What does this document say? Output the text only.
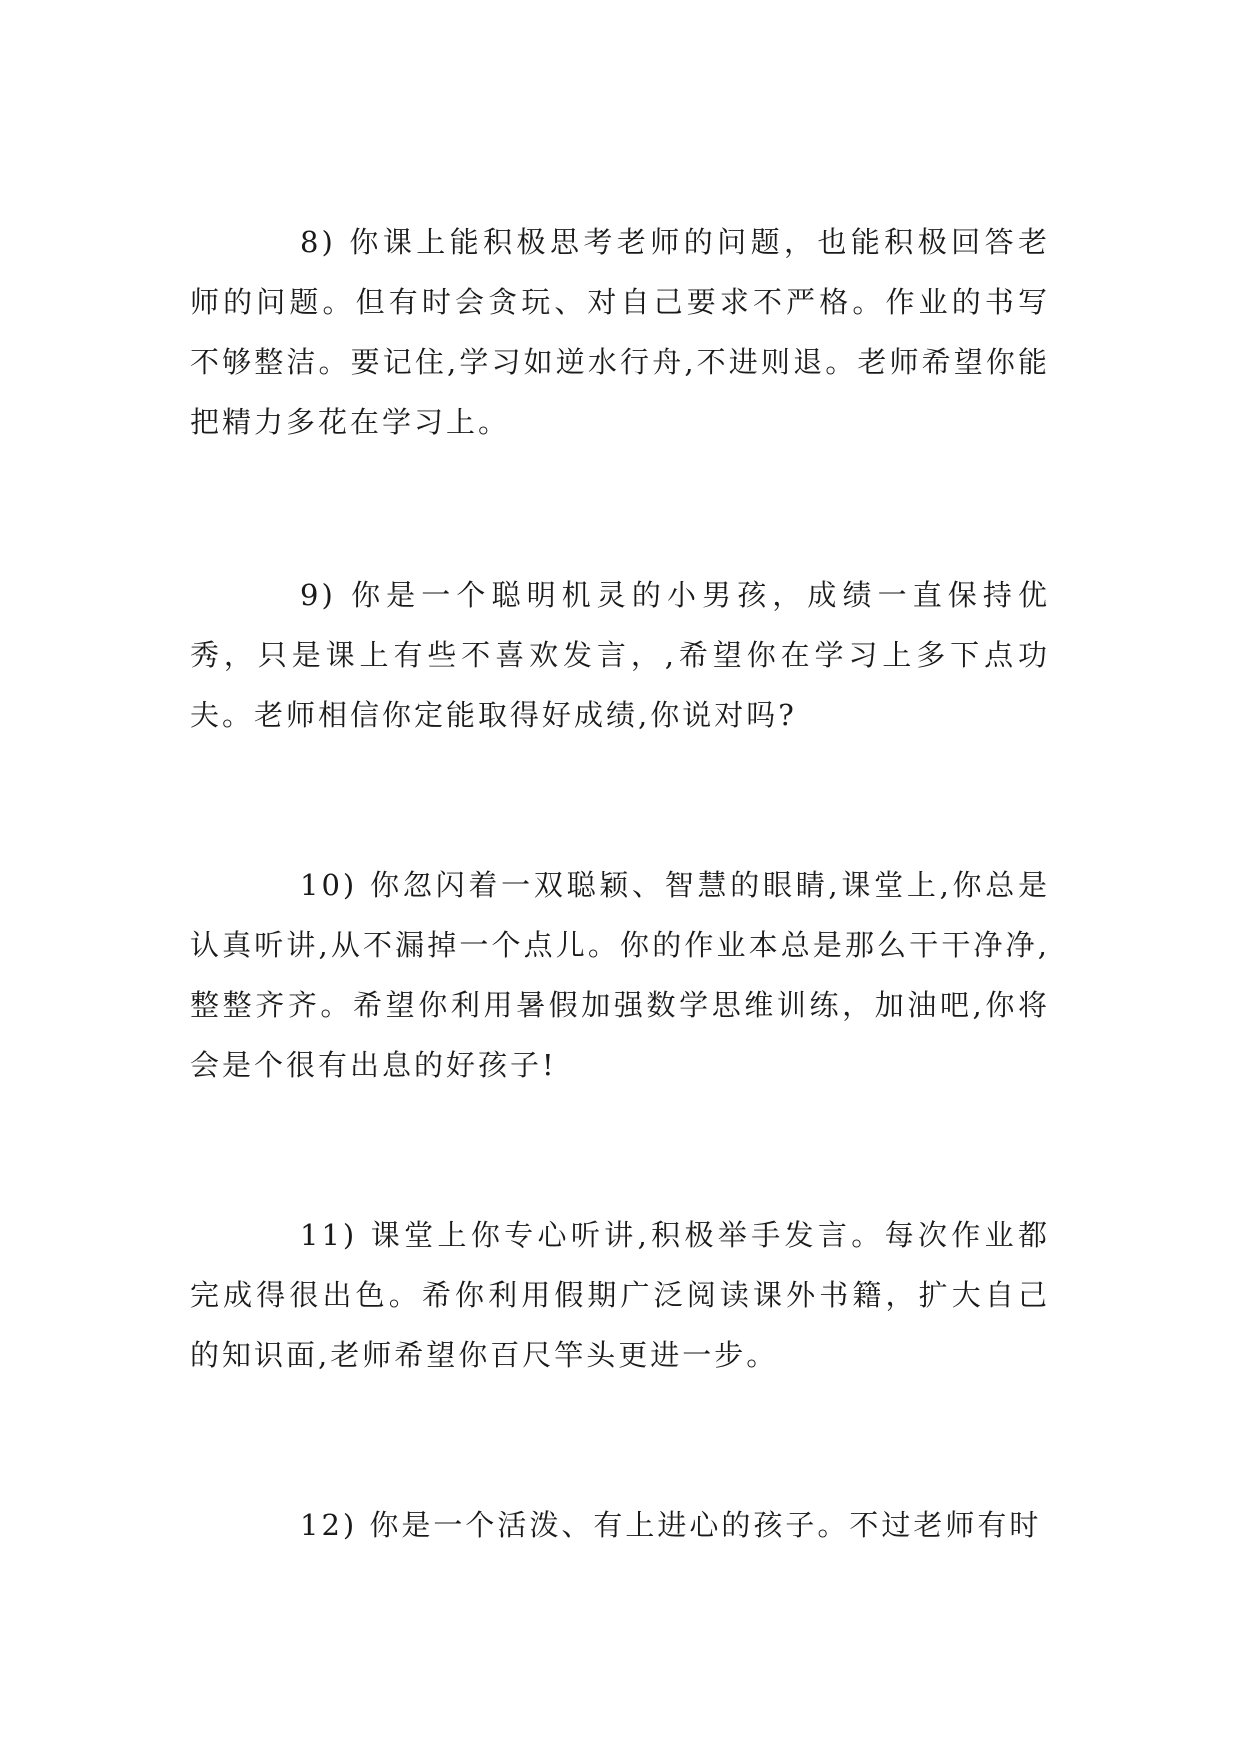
8) 你课上能积极思考老师的问题，也能积极回答老师的问题。但有时会贪玩、对自己要求不严格。作业的书写不够整洁。要记住,学习如逆水行舟,不进则退。老师希望你能把精力多花在学习上。

9) 你是一个聪明机灵的小男孩，成绩一直保持优秀，只是课上有些不喜欢发言，,希望你在学习上多下点功夫。老师相信你定能取得好成绩,你说对吗?

10) 你忽闪着一双聪颖、智慧的眼睛,课堂上,你总是认真听讲,从不漏掉一个点儿。你的作业本总是那么干干净净,整整齐齐。希望你利用暑假加强数学思维训练，加油吧,你将会是个很有出息的好孩子!

11) 课堂上你专心听讲,积极举手发言。每次作业都完成得很出色。希你利用假期广泛阅读课外书籍，扩大自己的知识面,老师希望你百尺竿头更进一步。

12) 你是一个活泼、有上进心的孩子。不过老师有时
